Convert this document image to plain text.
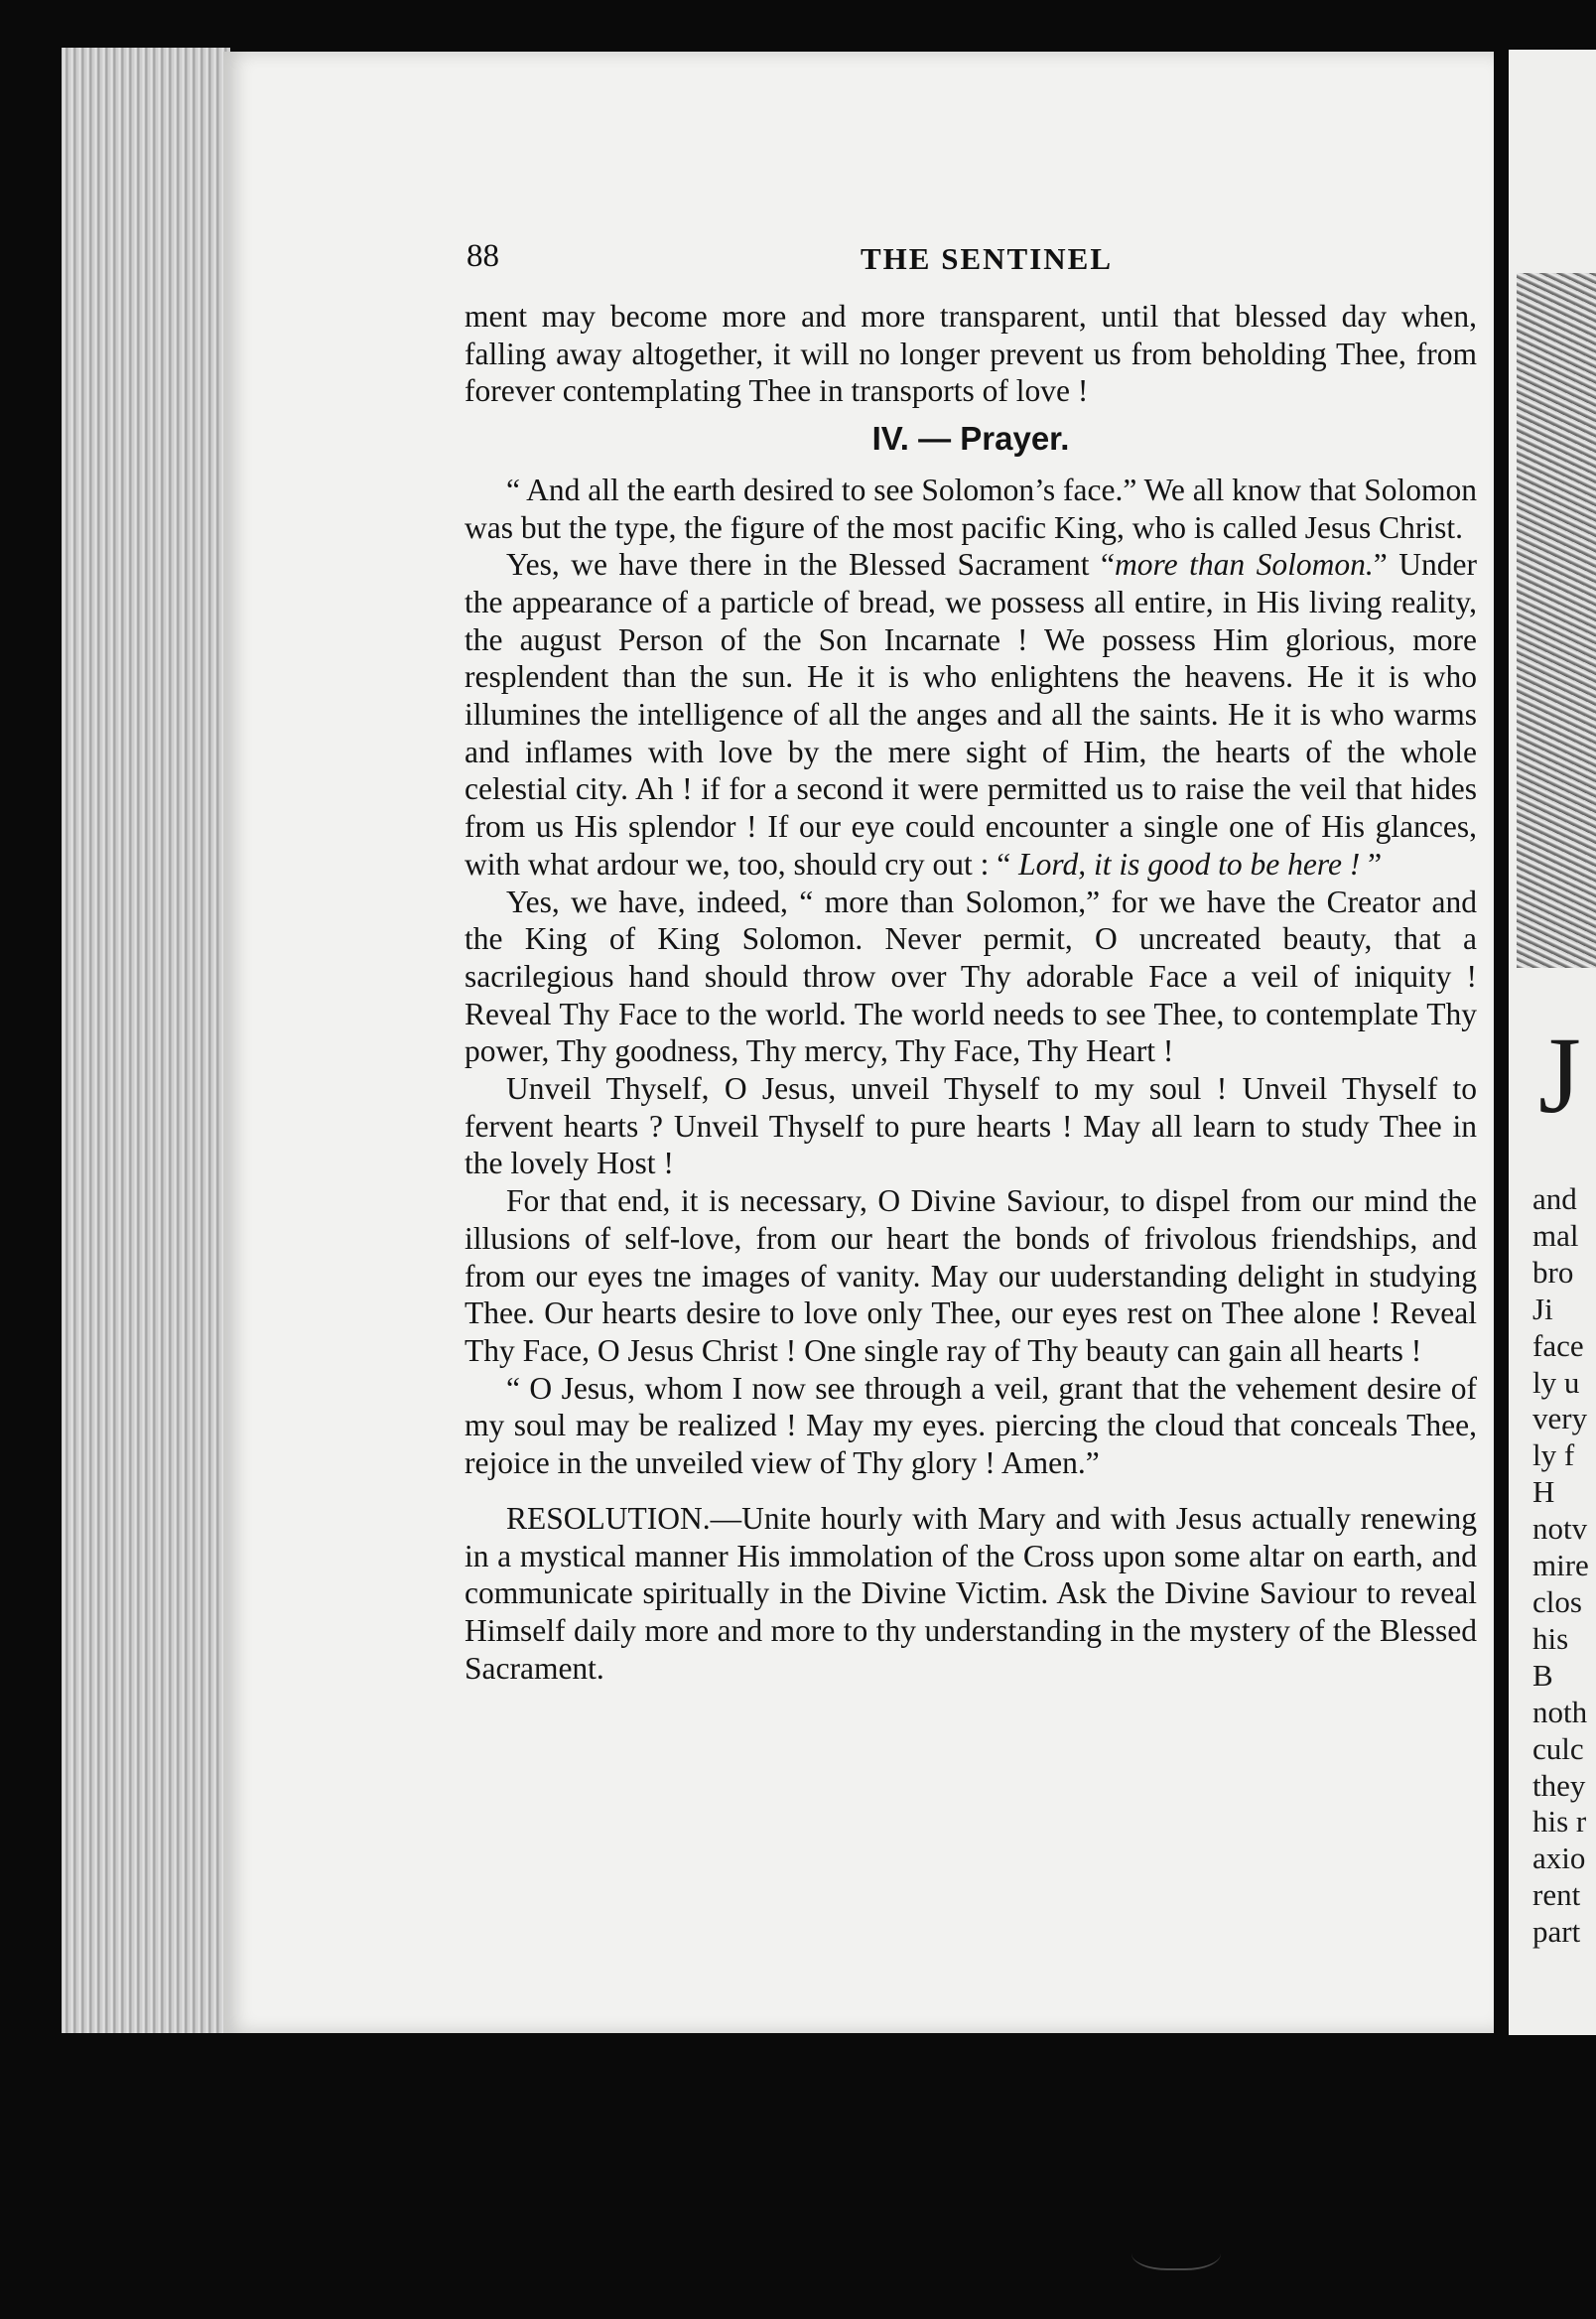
J
and
mal
bro
Ji
face
ly u
very
ly f
H
notv
mire
clos
his
B
noth
culc
they
his r
axio
rent
part
88	THE SENTINEL

ment may become more and more transparent, until that blessed day when, falling away altogether, it will no longer prevent us from beholding Thee, from forever contemplating Thee in transports of love !

IV. — Prayer.

“ And all the earth desired to see Solomon’s face.” We all know that Solomon was but the type, the figure of the most pacific King, who is called Jesus Christ.

Yes, we have there in the Blessed Sacrament “more than Solomon.” Under the appearance of a particle of bread, we possess all entire, in His living reality, the august Person of the Son Incarnate ! We possess Him glorious, more resplendent than the sun. He it is who enlightens the heavens. He it is who illumines the intelligence of all the anges and all the saints. He it is who warms and inflames with love by the mere sight of Him, the hearts of the whole celestial city. Ah ! if for a second it were permitted us to raise the veil that hides from us His splendor ! If our eye could encounter a single one of His glances, with what ardour we, too, should cry out : “ Lord, it is good to be here ! ”

Yes, we have, indeed, “ more than Solomon,” for we have the Creator and the King of King Solomon. Never permit, O uncreated beauty, that a sacrilegious hand should throw over Thy adorable Face a veil of iniquity ! Reveal Thy Face to the world. The world needs to see Thee, to contemplate Thy power, Thy goodness, Thy mercy, Thy Face, Thy Heart !

Unveil Thyself, O Jesus, unveil Thyself to my soul ! Unveil Thyself to fervent hearts ? Unveil Thyself to pure hearts ! May all learn to study Thee in the lovely Host !

For that end, it is necessary, O Divine Saviour, to dispel from our mind the illusions of self-love, from our heart the bonds of frivolous friendships, and from our eyes tne images of vanity. May our uuderstanding delight in studying Thee. Our hearts desire to love only Thee, our eyes rest on Thee alone ! Reveal Thy Face, O Jesus Christ ! One single ray of Thy beauty can gain all hearts !

“ O Jesus, whom I now see through a veil, grant that the vehement desire of my soul may be realized ! May my eyes. piercing the cloud that conceals Thee, rejoice in the unveiled view of Thy glory ! Amen.”

RESOLUTION.—Unite hourly with Mary and with Jesus actually renewing in a mystical manner His immolation of the Cross upon some altar on earth, and communicate spiritually in the Divine Victim. Ask the Divine Saviour to reveal Himself daily more and more to thy understanding in the mystery of the Blessed Sacrament.
